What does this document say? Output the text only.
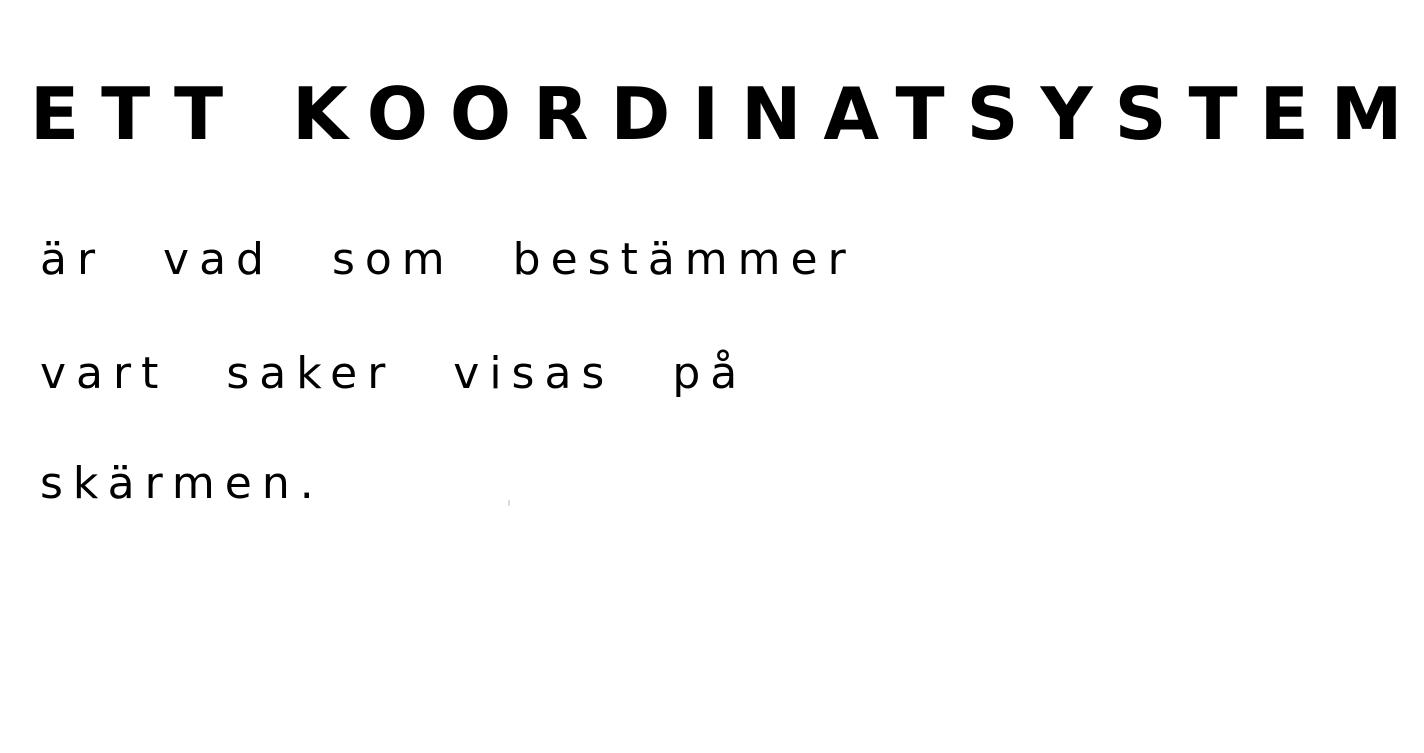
ETT KOORDINATSYSTEM
är vad som bestämmer
vart saker visas på
skärmen.
